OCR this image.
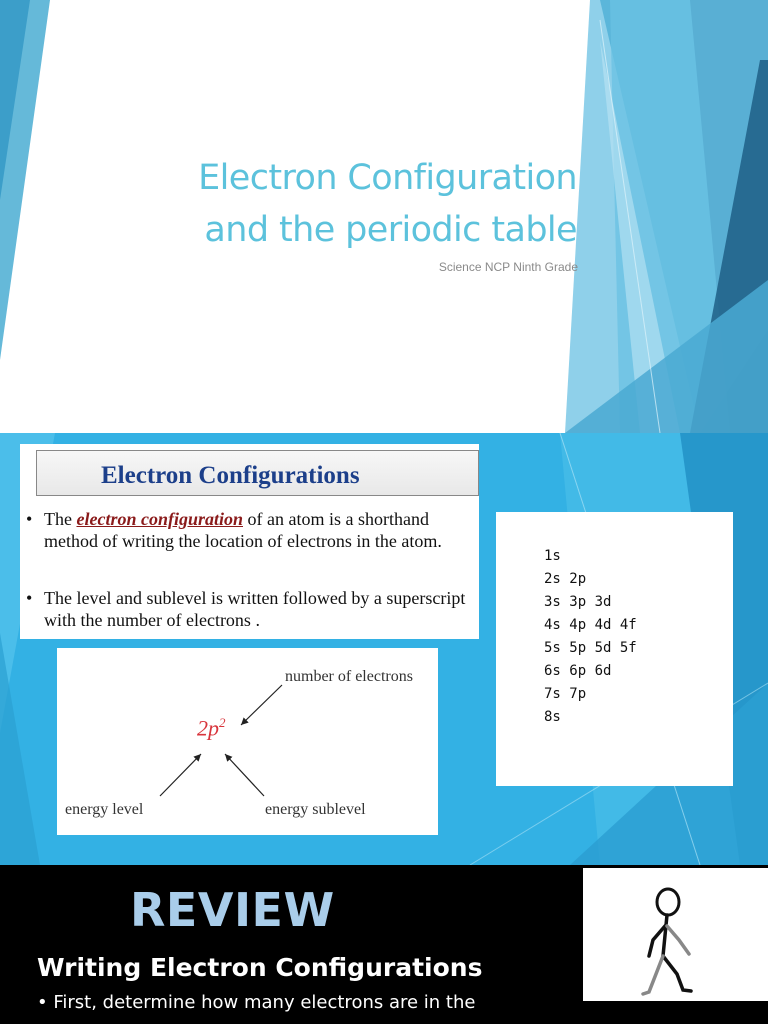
Electron Configuration
and the periodic table
Science NCP Ninth Grade
Electron Configurations
• The electron configuration of an atom is a shorthand method of writing the location of electrons in the atom.
• The level and sublevel is written followed by a superscript with the number of electrons .
number of electrons
$2p^2$
energy level	energy sublevel
1s
2s 2p
3s 3p 3d
4s 4p 4d 4f
5s 5p 5d 5f
6s 6p 6d
7s 7p
8s
REVIEW
Writing Electron Configurations
• First, determine how many electrons are in the
